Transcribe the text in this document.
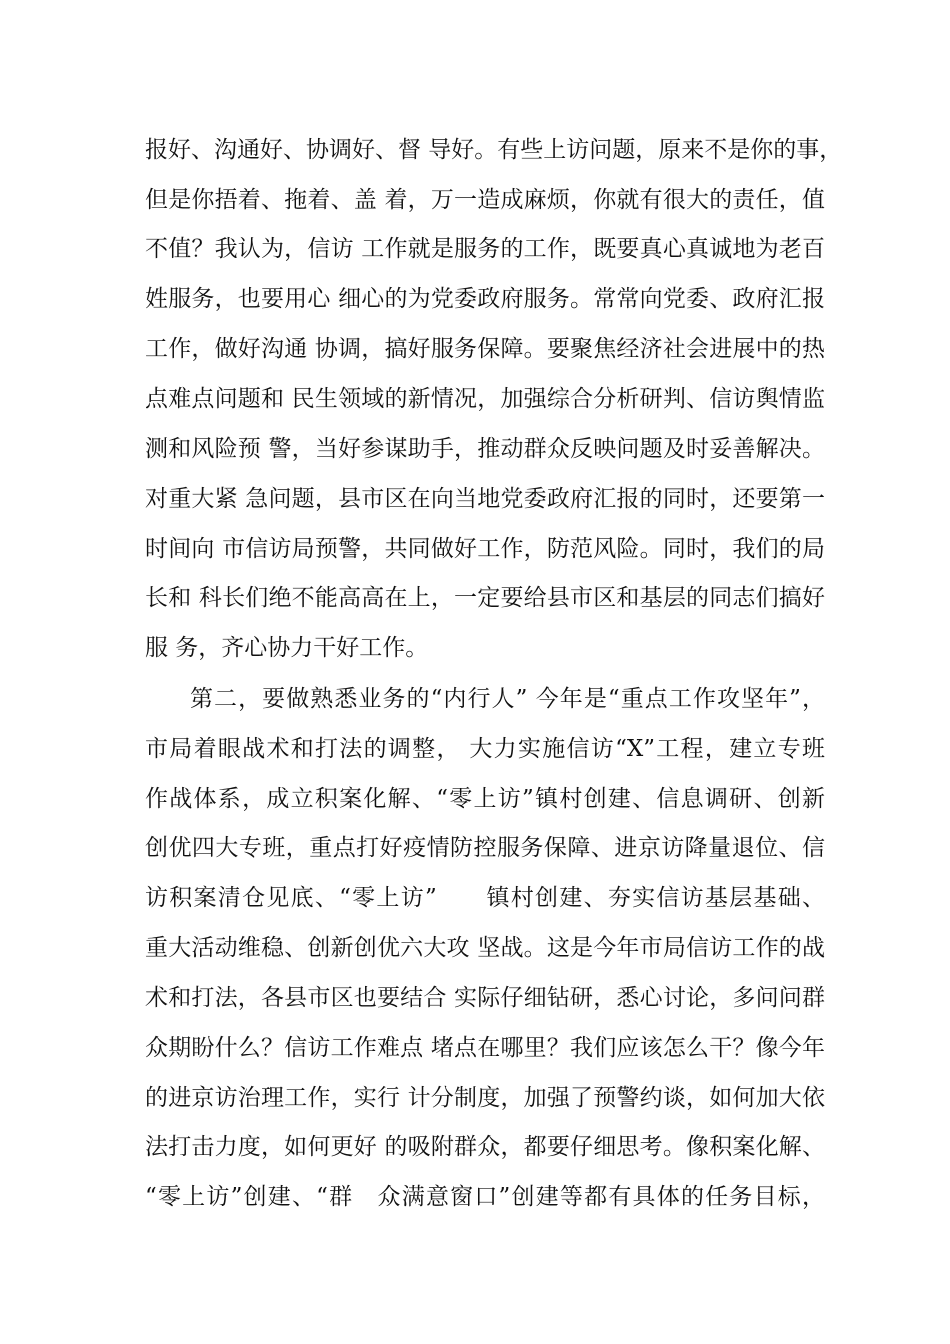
报好、沟通好、协调好、督 导好。有些上访问题，原来不是你的事，
但是你捂着、拖着、盖 着，万一造成麻烦，你就有很大的责任，值
不值？我认为，信访 工作就是服务的工作，既要真心真诚地为老百
姓服务，也要用心 细心的为党委政府服务。常常向党委、政府汇报
工作，做好沟通 协调，搞好服务保障。要聚焦经济社会进展中的热
点难点问题和 民生领域的新情况，加强综合分析研判、信访舆情监
测和风险预 警，当好参谋助手，推动群众反映问题及时妥善解决。
对重大紧 急问题，县市区在向当地党委政府汇报的同时，还要第一
时间向 市信访局预警，共同做好工作，防范风险。同时，我们的局
长和 科长们绝不能高高在上，一定要给县市区和基层的同志们搞好
服 务，齐心协力干好工作。
第二，要做熟悉业务的“内行人” 今年是“重点工作攻坚年”，
市局着眼战术和打法的调整， 大力实施信访“X”工程，建立专班
作战体系，成立积案化解、“零上访”镇村创建、信息调研、创新
创优四大专班，重点打好疫情防控服务保障、进京访降量退位、信
访积案清仓见底、“零上访”　　镇村创建、夯实信访基层基础、
重大活动维稳、创新创优六大攻 坚战。这是今年市局信访工作的战
术和打法，各县市区也要结合 实际仔细钻研，悉心讨论，多问问群
众期盼什么？信访工作难点 堵点在哪里？我们应该怎么干？像今年
的进京访治理工作，实行 计分制度，加强了预警约谈，如何加大依
法打击力度，如何更好 的吸附群众，都要仔细思考。像积案化解、
“零上访”创建、“群　众满意窗口”创建等都有具体的任务目标，
